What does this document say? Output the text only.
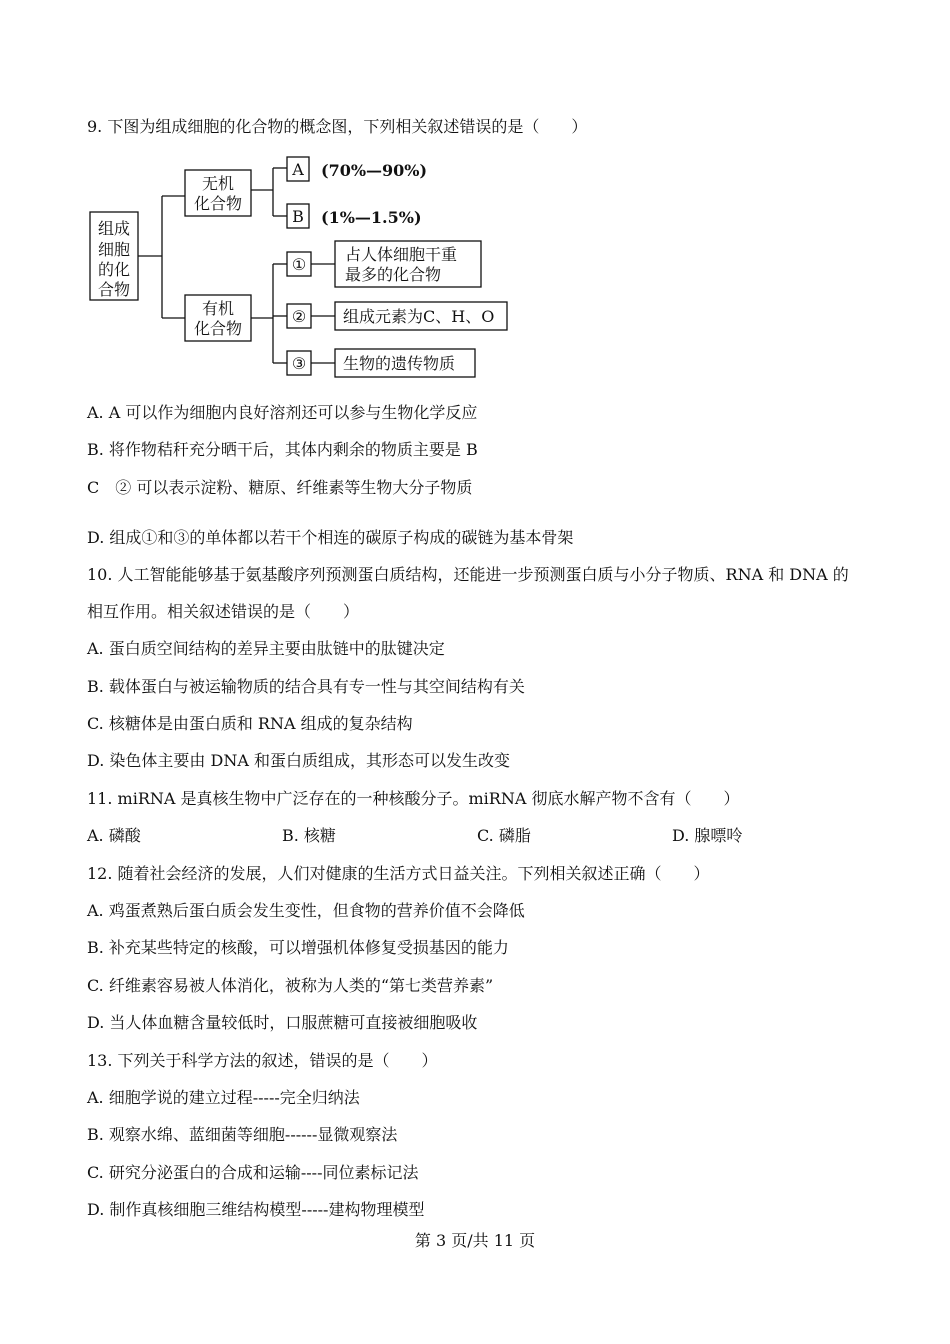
9. 下图为组成细胞的化合物的概念图，下列相关叙述错误的是（　　）
组成
细胞
的化
合物
无机
化合物
有机
化合物
A
B
(70%—90%)
(1%—1.5%)
①
②
③
占人体细胞干重
最多的化合物
组成元素为C、H、O
生物的遗传物质
A. A 可以作为细胞内良好溶剂还可以参与生物化学反应
B. 将作物秸秆充分晒干后，其体内剩余的物质主要是 B
C　② 可以表示淀粉、糖原、纤维素等生物大分子物质
D. 组成①和③的单体都以若干个相连的碳原子构成的碳链为基本骨架
10. 人工智能能够基于氨基酸序列预测蛋白质结构，还能进一步预测蛋白质与小分子物质、RNA 和 DNA 的
相互作用。相关叙述错误的是（　　）
A. 蛋白质空间结构的差异主要由肽链中的肽键决定
B. 载体蛋白与被运输物质的结合具有专一性与其空间结构有关
C. 核糖体是由蛋白质和 RNA 组成的复杂结构
D. 染色体主要由 DNA 和蛋白质组成，其形态可以发生改变
11. miRNA 是真核生物中广泛存在的一种核酸分子。miRNA 彻底水解产物不含有（　　）
A. 磷酸	B. 核糖	C. 磷脂	D. 腺嘌呤
12. 随着社会经济的发展，人们对健康的生活方式日益关注。下列相关叙述正确（　　）
A. 鸡蛋煮熟后蛋白质会发生变性，但食物的营养价值不会降低
B. 补充某些特定的核酸，可以增强机体修复受损基因的能力
C. 纤维素容易被人体消化，被称为人类的“第七类营养素”
D. 当人体血糖含量较低时，口服蔗糖可直接被细胞吸收
13. 下列关于科学方法的叙述，错误的是（　　）
A. 细胞学说的建立过程-----完全归纳法
B. 观察水绵、蓝细菌等细胞------显微观察法
C. 研究分泌蛋白的合成和运输----同位素标记法
D. 制作真核细胞三维结构模型-----建构物理模型
第 3 页/共 11 页
